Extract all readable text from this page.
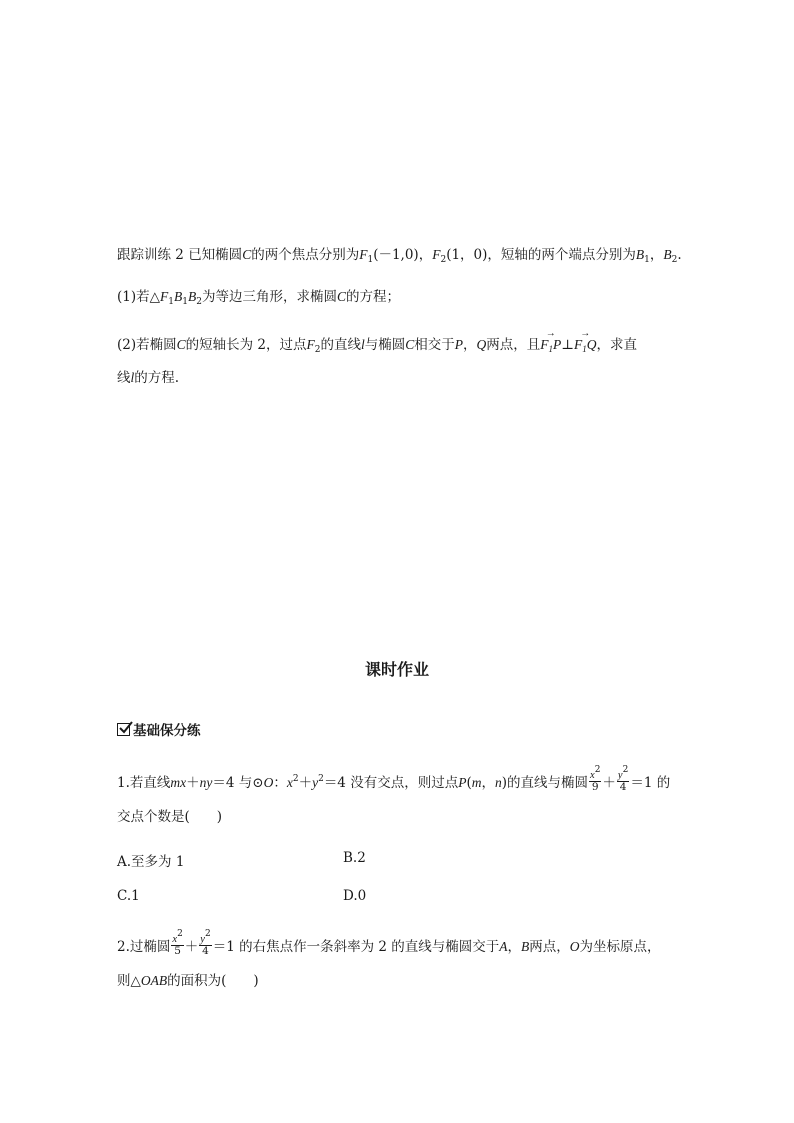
跟踪训练 2 已知椭圆C的两个焦点分别为$F_1(-1,0)$，$F_2(1$，0)，短轴的两个端点分别为$B_1$，$B_2$.
(1)若$\triangle F_1B_1B_2$为等边三角形，求椭圆C的方程；
(2)若椭圆C的短轴长为 2，过点$F_2$的直线l与椭圆C相交于P，Q两点，且→ $F_1P\perp\to F_1Q$，求直
线l的方程.
课时作业
基础保分练
1.若直线mx＋ny＝4 与⊙O：$x^2+y^2=4$ 没有交点，则过点P(m，n)的直线与椭圆 $\frac{x^2}{9} + \frac{y^2}{4} =1$ 的
交点个数是(　　)
A.至多为 1	B.2
C.1	D.0
2.过椭圆 $\frac{x^2}{5} + \frac{y^2}{4} =1$ 的右焦点作一条斜率为 2 的直线与椭圆交于A，B两点，O为坐标原点，
则△OAB的面积为(　　)
